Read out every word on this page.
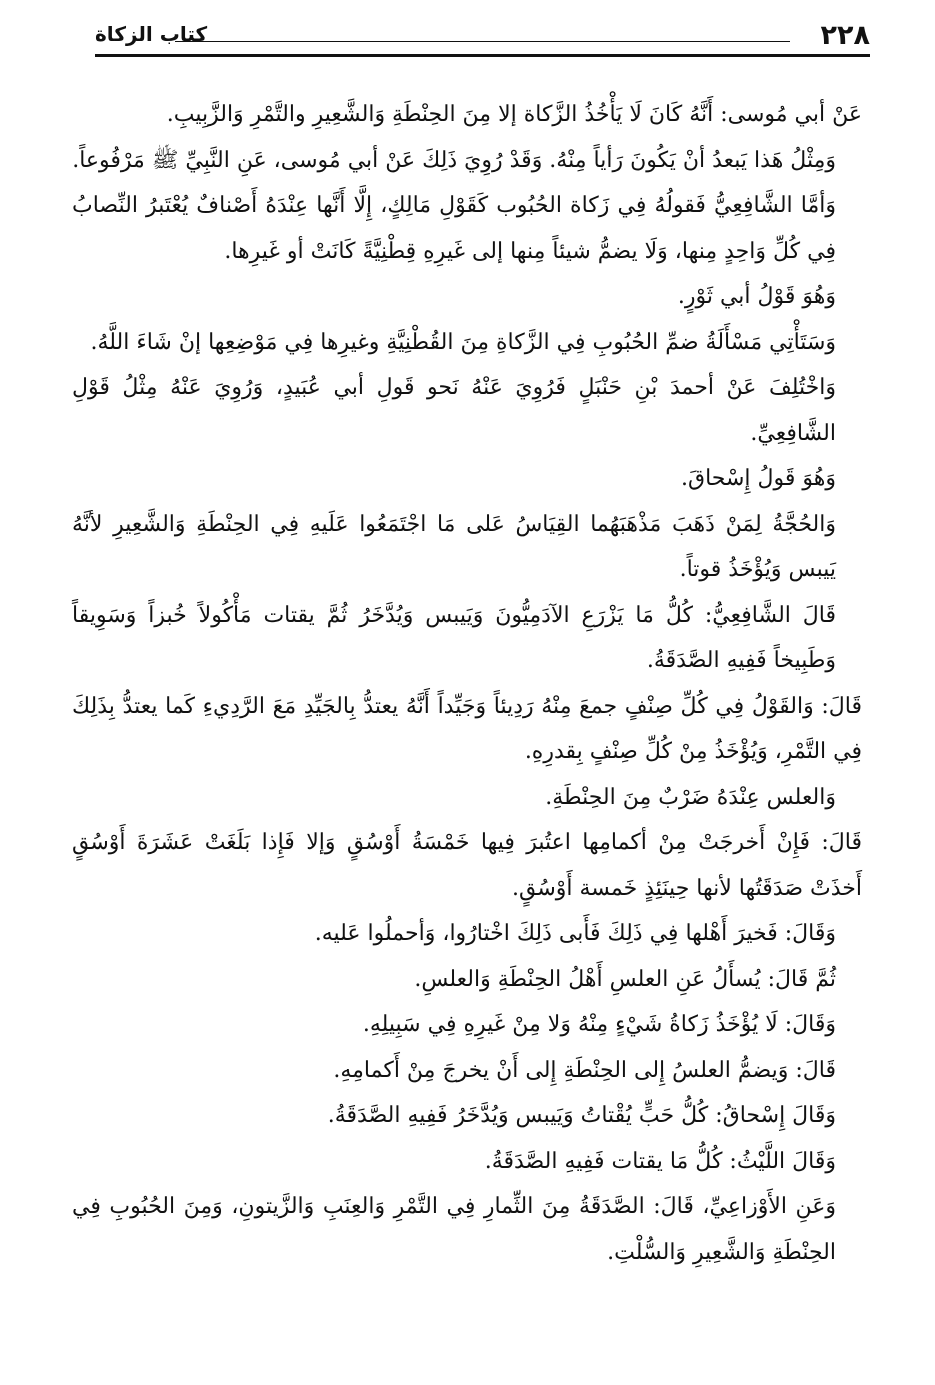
٢٢٨
كتاب الزكاة

عَنْ أبي مُوسى: أَنَّهُ كَانَ لَا يَأْخُذُ الزَّكاة إلا مِنَ الحِنْطَةِ وَالشَّعِيرِ والتَّمْرِ وَالزَّبِيبِ.

وَمِثْلُ هَذا يَبعدُ أنْ يَكُونَ رَأياً مِنْهُ. وَقَدْ رُوِيَ ذَلِكَ عَنْ أبي مُوسى، عَنِ النَّبِيِّ ﷺ مَرْفُوعاً.

وَأمَّا الشَّافِعِيُّ فَقولُهُ فِي زَكاة الحُبُوب كَقَوْلِ مَالِكٍ، إِلَّا أَنَّها عِنْدَهُ أَصْنافٌ يُعْتَبرُ النِّصابُ فِي كُلِّ وَاحِدٍ مِنها، وَلَا يضمُّ شيئاً مِنها إلى غَيرِهِ قِطْنِيَّةً كَانَتْ أو غَيرِها.

وَهُوَ قَوْلُ أبي ثَوْرٍ.

وَسَتَأْتِي مَسْأَلَةُ ضمِّ الحُبُوبِ فِي الزَّكاةِ مِنَ القُطْنِيَّةِ وغيرِها فِي مَوْضِعِها إنْ شَاءَ اللَّهُ.

وَاخْتُلِفَ عَنْ أحمدَ بْنِ حَنْبَلٍ فَرُوِيَ عَنْهُ نَحو قَولِ أبي عُبَيدٍ، وَرُوِيَ عَنْهُ مِثْلُ قَوْلِ الشَّافِعِيِّ.

وَهُوَ قَولُ إِسْحاقَ.

وَالحُجَّةُ لِمَنْ ذَهَبَ مَذْهَبَهُما القِيَاسُ عَلى مَا اجْتَمَعُوا عَلَيهِ فِي الحِنْطَةِ وَالشَّعِيرِ لأنَّهُ يَيبس وَيُؤْخَذُ قوتاً.

قَالَ الشَّافِعِيُّ: كُلُّ مَا يَزْرَعِ الآدَمِيُّونَ وَيَيبس وَيُدَّخَرُ ثُمَّ يقتات مَأْكُولاً خُبزاً وَسَوِيقاً وَطَبِيخاً فَفِيهِ الصَّدَقَةُ.

قَالَ: وَالقَوْلُ فِي كُلِّ صِنْفٍ جمعَ مِنْهُ رَدِيئاً وَجَيِّداً أَنَّهُ يعتدُّ بِالجَيِّدِ مَعَ الرَّدِيءِ كَما يعتدُّ بِذَلِكَ فِي التَّمْرِ، وَيُؤْخَذُ مِنْ كُلِّ صِنْفٍ بِقدرِهِ.

وَالعلس عِنْدَهُ ضَرْبٌ مِنَ الحِنْطَةِ.

قَالَ: فَإِنْ أَخرجَتْ مِنْ أكمامِها اعتُبرَ فِيها خَمْسَةُ أَوْسُقٍ وَإلا فَإِذا بَلَغَتْ عَشَرَةَ أَوْسُقٍ أَخذَتْ صَدَقَتُها لأنها حِينَئِذٍ خَمسة أَوْسُقٍ.

وَقَالَ: فَخيرَ أَهْلها فِي ذَلِكَ فَأَبى ذَلِكَ اخْتارُوا، وَأحملُوا عَليه.

ثُمَّ قَالَ: يُسأَلُ عَنِ العلسِ أَهْلُ الحِنْطَةِ وَالعلسِ.

وَقَالَ: لَا يُؤْخَذُ زَكاةُ شَيْءٍ مِنْهُ وَلا مِنْ غَيرِهِ فِي سَبِيلِهِ.

قَالَ: وَيضمُّ العلسُ إِلى الحِنْطَةِ إِلى أَنْ يخرجَ مِنْ أَكمامِهِ.

وَقَالَ إِسْحاقُ: كُلُّ حَبٍّ يُقْتاتُ وَيَيبس وَيُدَّخَرُ فَفِيهِ الصَّدَقَةُ.

وَقَالَ اللَّيْثُ: كُلُّ مَا يقتات فَفِيهِ الصَّدَقَةُ.

وَعَنِ الأَوْزاعِيِّ، قَالَ: الصَّدَقَةُ مِنَ الثِّمارِ فِي التَّمْرِ وَالعِنَبِ وَالزَّيتونِ، وَمِنَ الحُبُوبِ فِي الحِنْطَةِ وَالشَّعِيرِ وَالسُّلْتِ.
